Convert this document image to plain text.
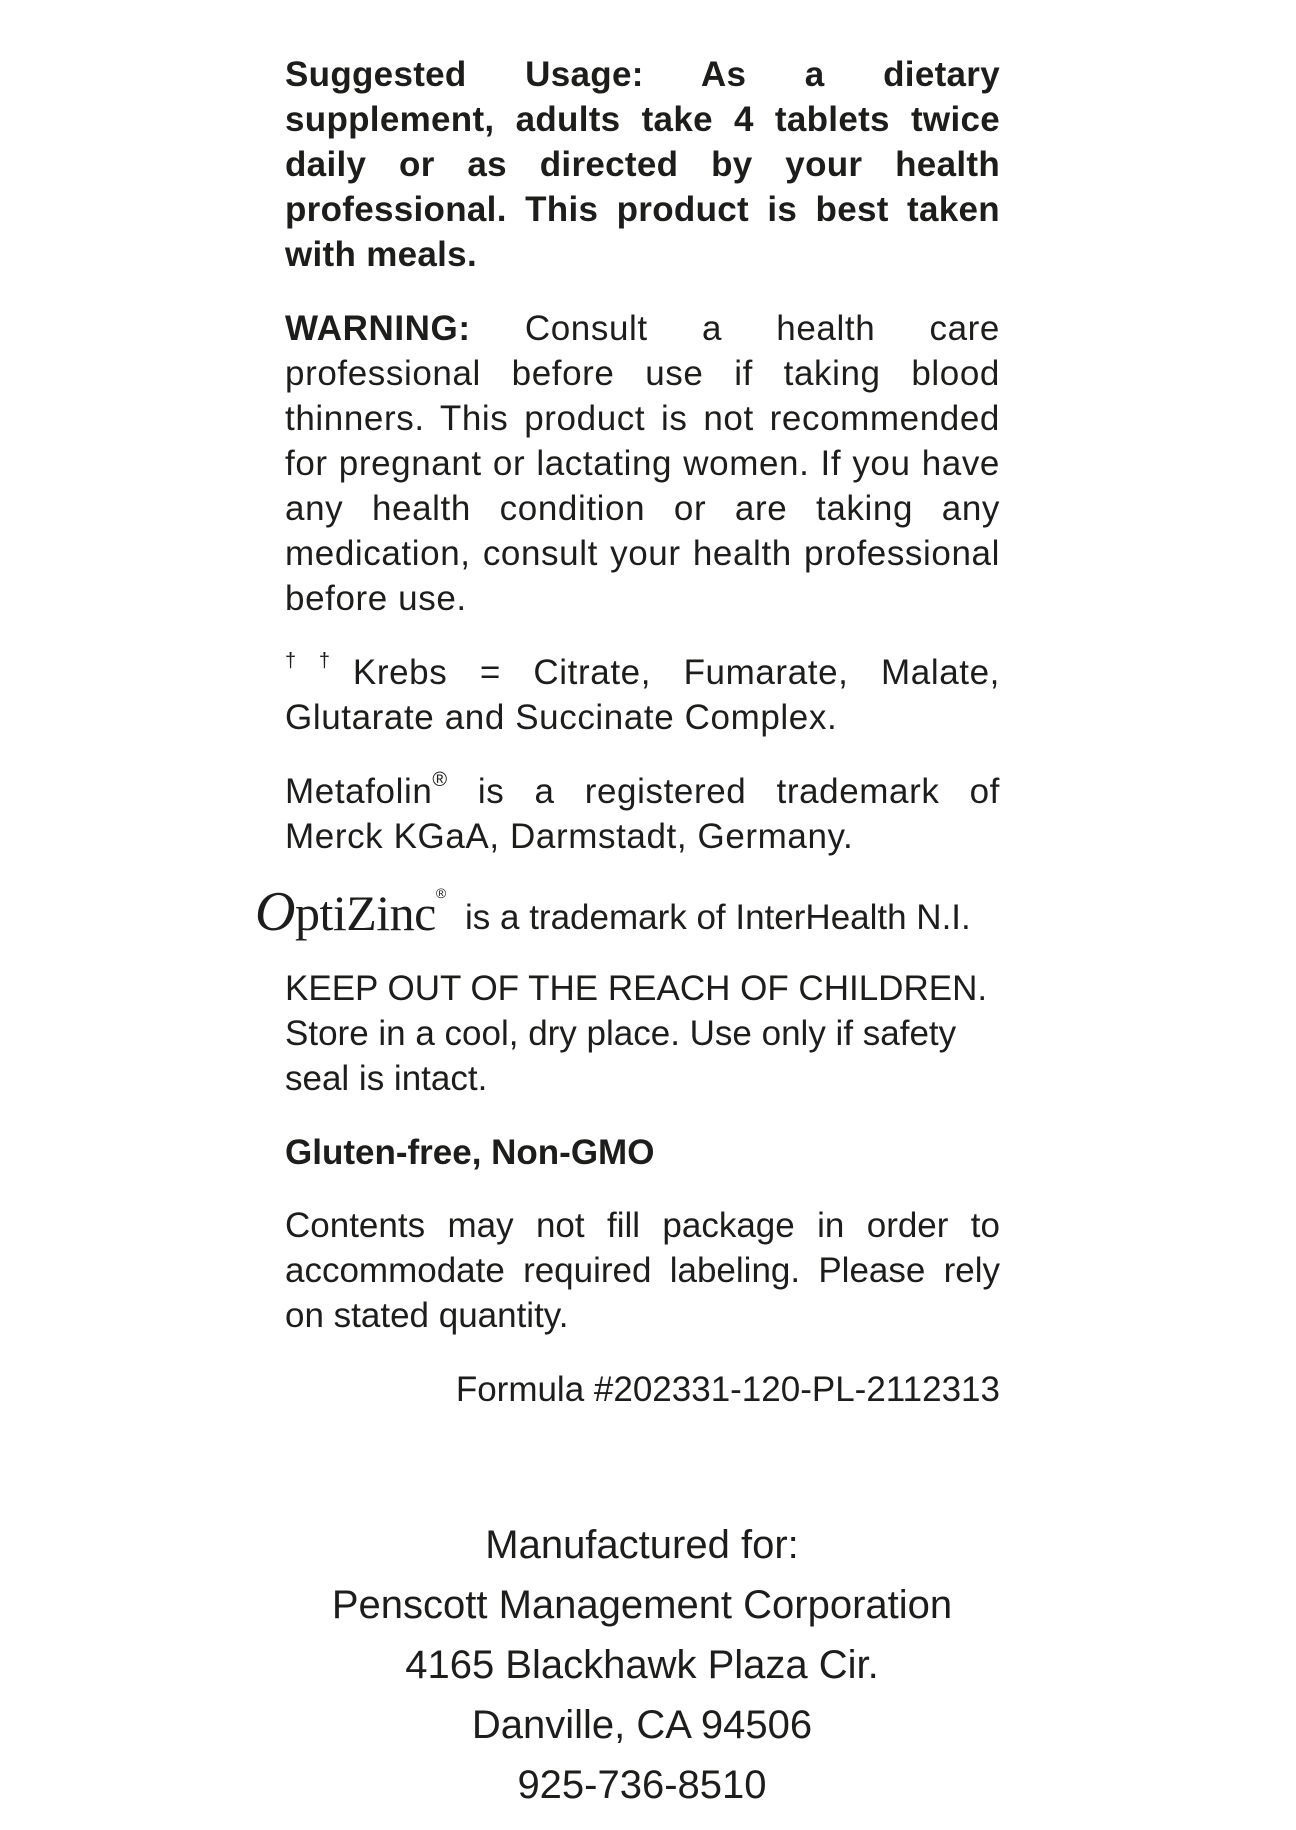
Suggested Usage: As a dietary supplement, adults take 4 tablets twice daily or as directed by your health professional. This product is best taken with meals.

WARNING: Consult a health care professional before use if taking blood thinners. This product is not recommended for pregnant or lactating women. If you have any health condition or are taking any medication, consult your health professional before use.

††Krebs = Citrate, Fumarate, Malate, Glutarate and Succinate Complex.

Metafolin® is a registered trademark of Merck KGaA, Darmstadt, Germany.

OptiZinc®
is a trademark of InterHealth N.I.

KEEP OUT OF THE REACH OF CHILDREN.
Store in a cool, dry place. Use only if safety seal is intact.

Gluten-free, Non-GMO

Contents may not fill package in order to accommodate required labeling. Please rely on stated quantity.

Formula #202331-120-PL-2112313

Manufactured for:
Penscott Management Corporation
4165 Blackhawk Plaza Cir.
Danville, CA 94506
925-736-8510
